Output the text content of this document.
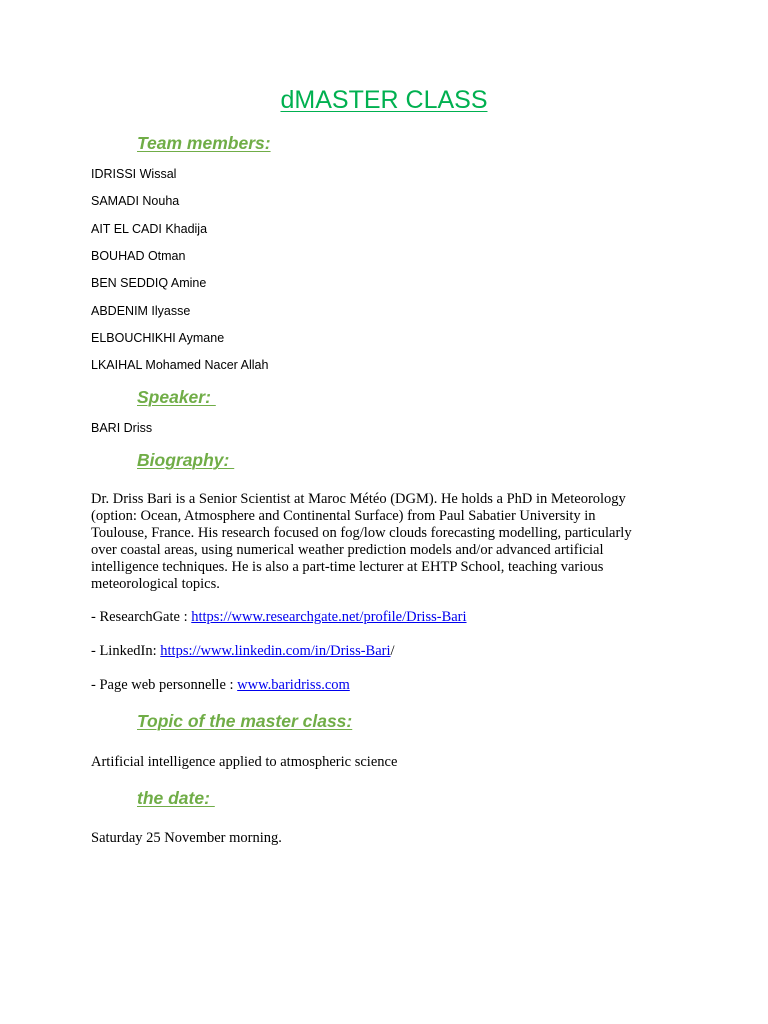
dMASTER CLASS
Team members:
IDRISSI Wissal
SAMADI Nouha
AIT EL CADI Khadija
BOUHAD Otman
BEN SEDDIQ Amine
ABDENIM Ilyasse
ELBOUCHIKHI Aymane
LKAIHAL Mohamed Nacer Allah
Speaker:
BARI Driss
Biography:
Dr. Driss Bari is a Senior Scientist at Maroc Météo (DGM). He holds a PhD in Meteorology
(option: Ocean, Atmosphere and Continental Surface) from Paul Sabatier University in
Toulouse, France. His research focused on fog/low clouds forecasting modelling, particularly
over coastal areas, using numerical weather prediction models and/or advanced artificial
intelligence techniques. He is also a part-time lecturer at EHTP School, teaching various
meteorological topics.
- ResearchGate : https://www.researchgate.net/profile/Driss-Bari
- LinkedIn: https://www.linkedin.com/in/Driss-Bari/
- Page web personnelle : www.baridriss.com
Topic of the master class:
Artificial intelligence applied to atmospheric science
the date:
Saturday 25 November morning.
